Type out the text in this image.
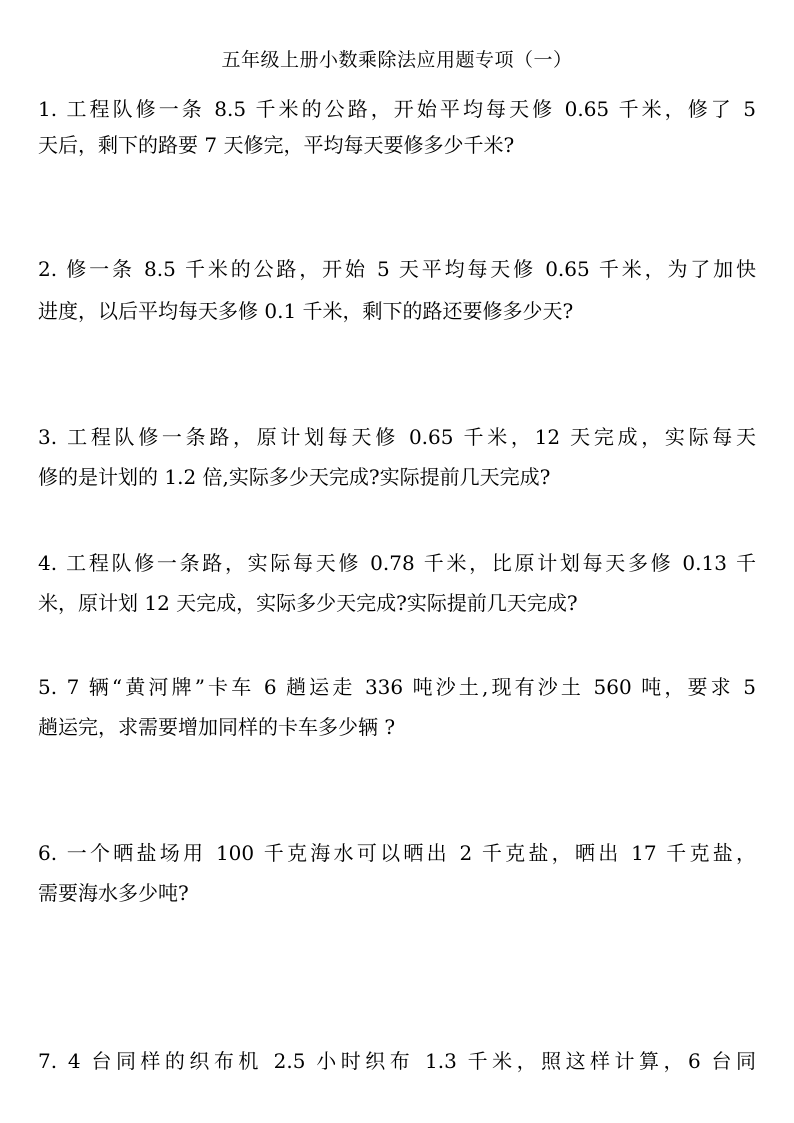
五年级上册小数乘除法应用题专项（一）
1. 工程队修一条 8.5 千米的公路，开始平均每天修 0.65 千米，修了 5
天后，剩下的路要 7 天修完，平均每天要修多少千米?
2. 修一条 8.5 千米的公路，开始 5 天平均每天修 0.65 千米，为了加快
进度，以后平均每天多修 0.1 千米，剩下的路还要修多少天?
3. 工程队修一条路，原计划每天修 0.65 千米，12 天完成，实际每天
修的是计划的 1.2 倍,实际多少天完成?实际提前几天完成?
4. 工程队修一条路，实际每天修 0.78 千米，比原计划每天多修 0.13 千
米，原计划 12 天完成，实际多少天完成?实际提前几天完成?
5. 7 辆“黄河牌”卡车 6 趟运走 336 吨沙土,现有沙土 560 吨，要求 5
趟运完，求需要增加同样的卡车多少辆 ?
6. 一个晒盐场用 100 千克海水可以晒出 2 千克盐，晒出 17 千克盐，
需要海水多少吨?
7. 4 台同样的织布机 2.5 小时织布 1.3 千米，照这样计算，6 台同
